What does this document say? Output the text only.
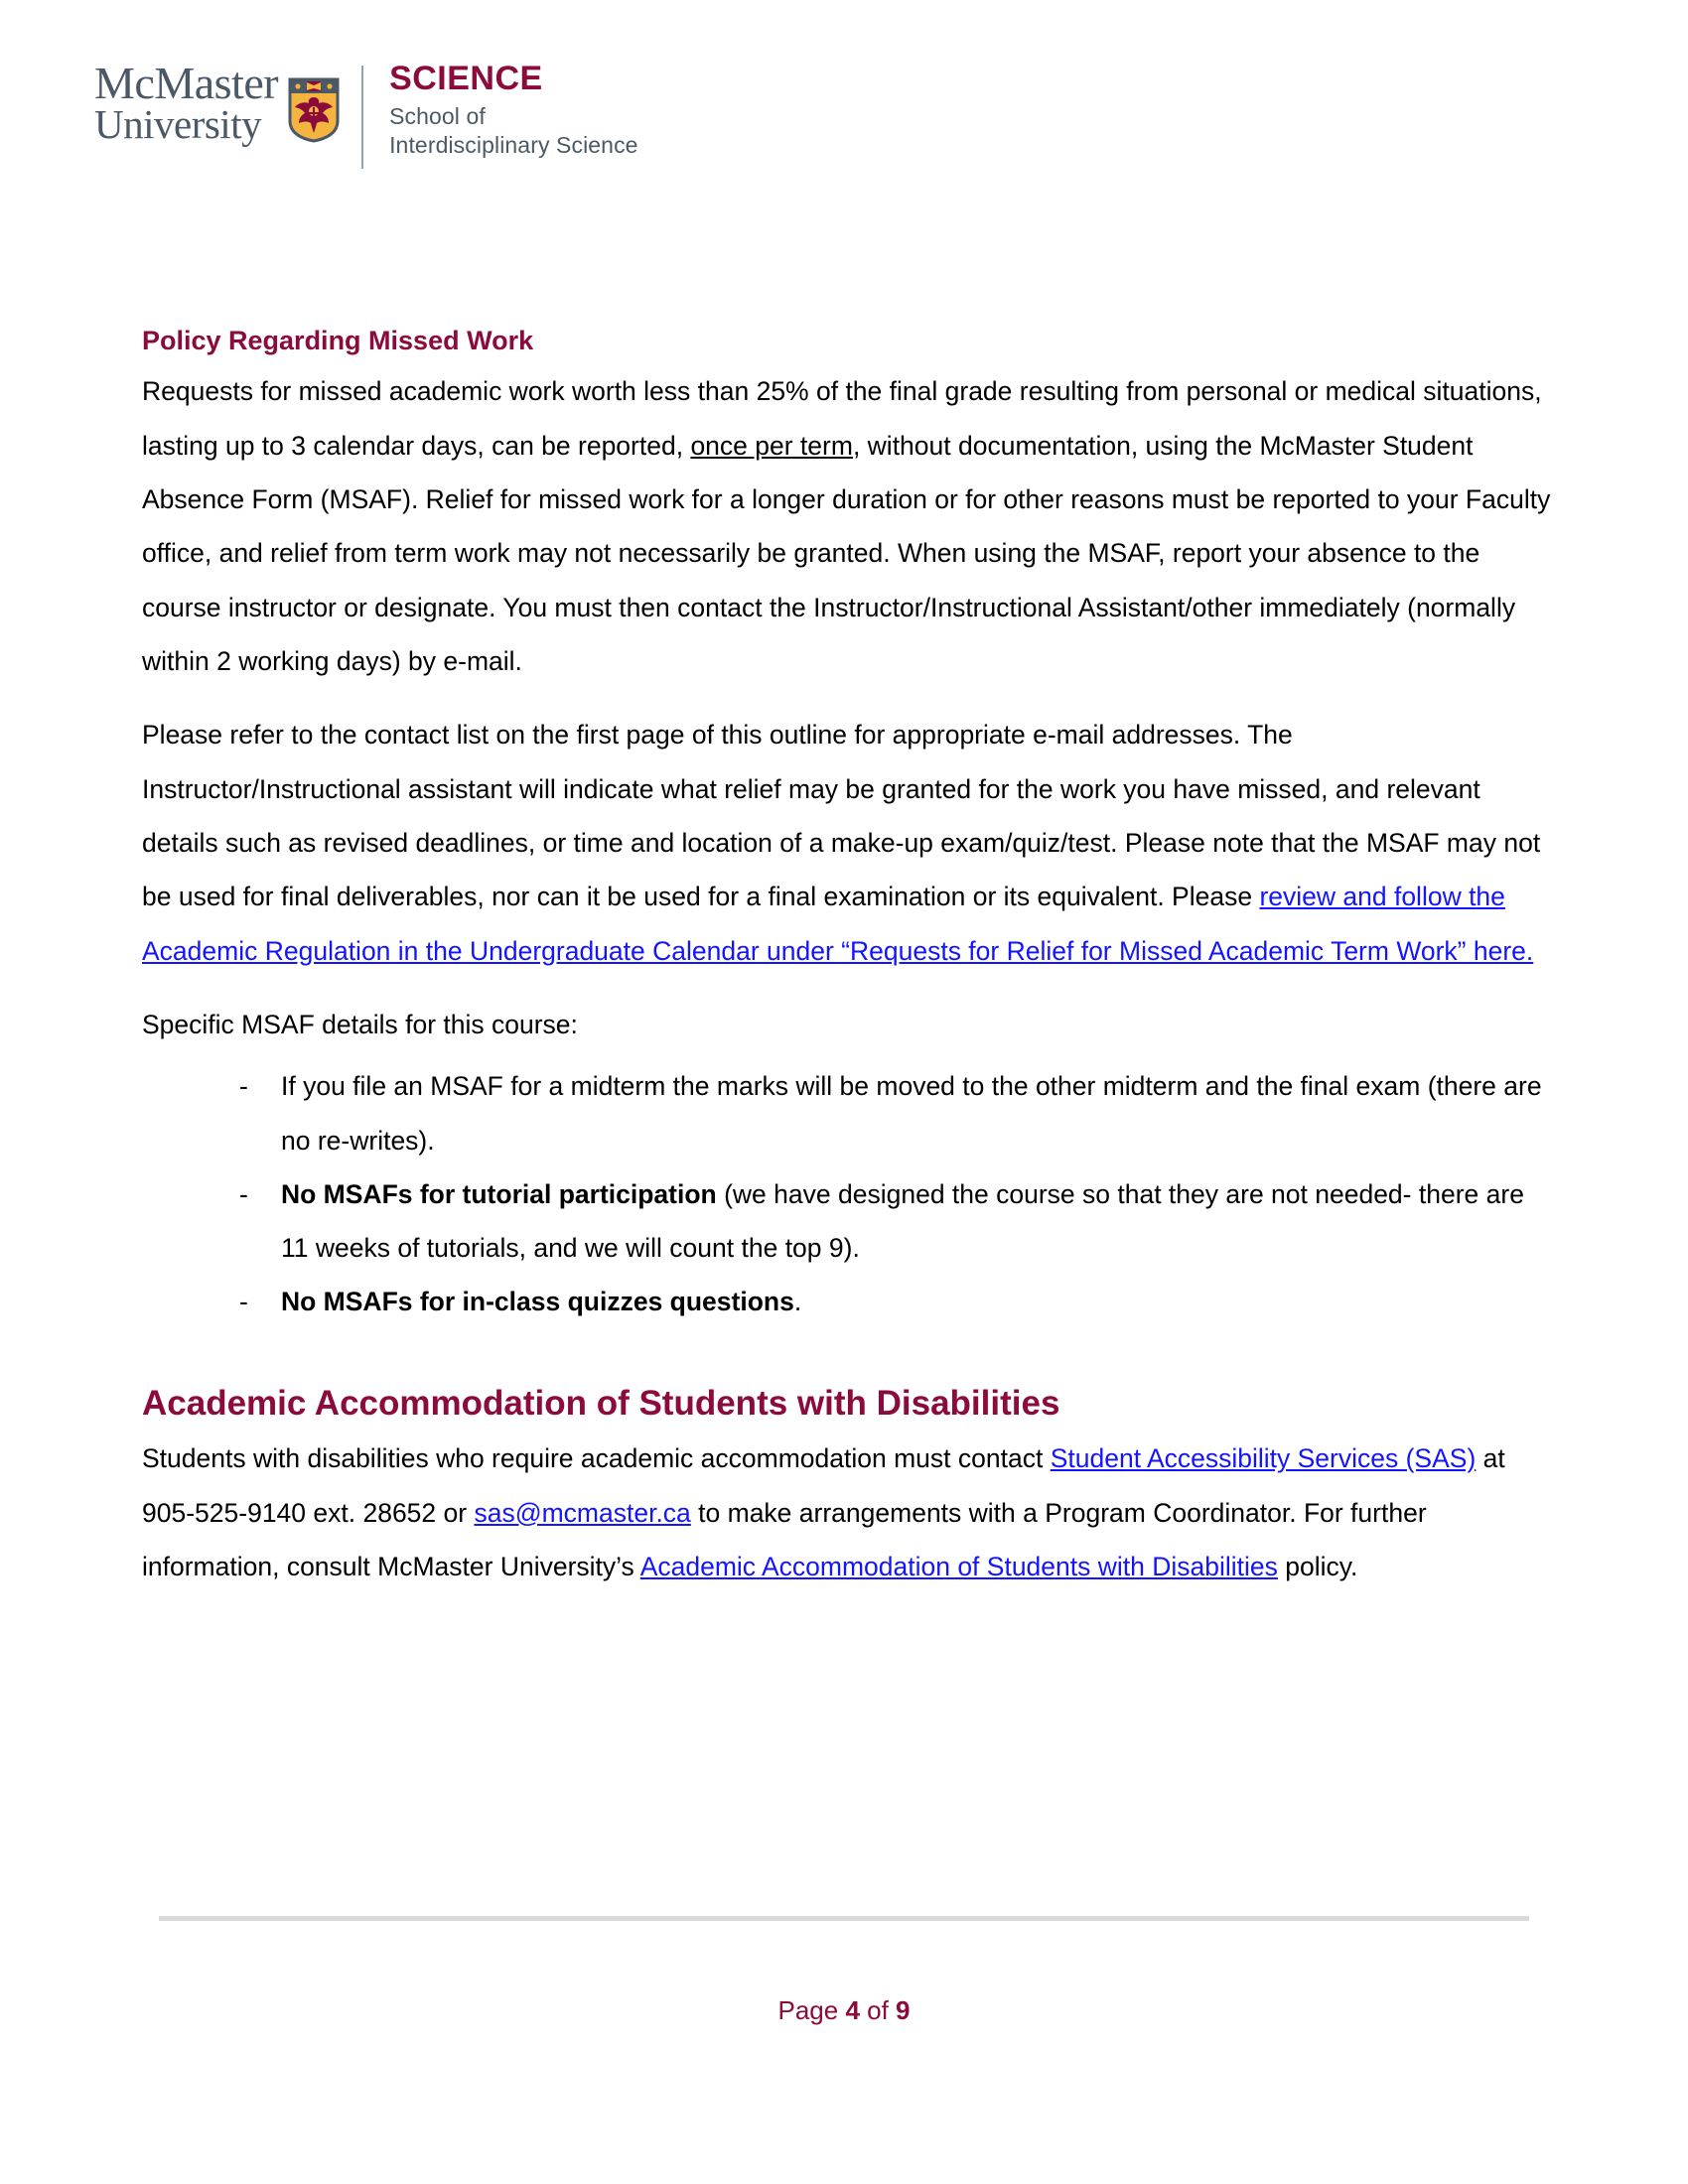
McMaster
University
SCIENCE
School of
Interdisciplinary Science
Policy Regarding Missed Work

Requests for missed academic work worth less than 25% of the final grade resulting from personal or medical situations, lasting up to 3 calendar days, can be reported, once per term, without documentation, using the McMaster Student Absence Form (MSAF). Relief for missed work for a longer duration or for other reasons must be reported to your Faculty office, and relief from term work may not necessarily be granted. When using the MSAF, report your absence to the course instructor or designate. You must then contact the Instructor/Instructional Assistant/other immediately (normally within 2 working days) by e-mail.

Please refer to the contact list on the first page of this outline for appropriate e-mail addresses. The Instructor/Instructional assistant will indicate what relief may be granted for the work you have missed, and relevant details such as revised deadlines, or time and location of a make-up exam/quiz/test. Please note that the MSAF may not be used for final deliverables, nor can it be used for a final examination or its equivalent. Please review and follow the Academic Regulation in the Undergraduate Calendar under “Requests for Relief for Missed Academic Term Work” here.

Specific MSAF details for this course:

- If you file an MSAF for a midterm the marks will be moved to the other midterm and the final exam (there are no re-writes).
- No MSAFs for tutorial participation (we have designed the course so that they are not needed- there are 11 weeks of tutorials, and we will count the top 9).
- No MSAFs for in-class quizzes questions.
Academic Accommodation of Students with Disabilities

Students with disabilities who require academic accommodation must contact Student Accessibility Services (SAS) at 905-525-9140 ext. 28652 or sas@mcmaster.ca to make arrangements with a Program Coordinator. For further information, consult McMaster University’s Academic Accommodation of Students with Disabilities policy.

Page 4 of 9
